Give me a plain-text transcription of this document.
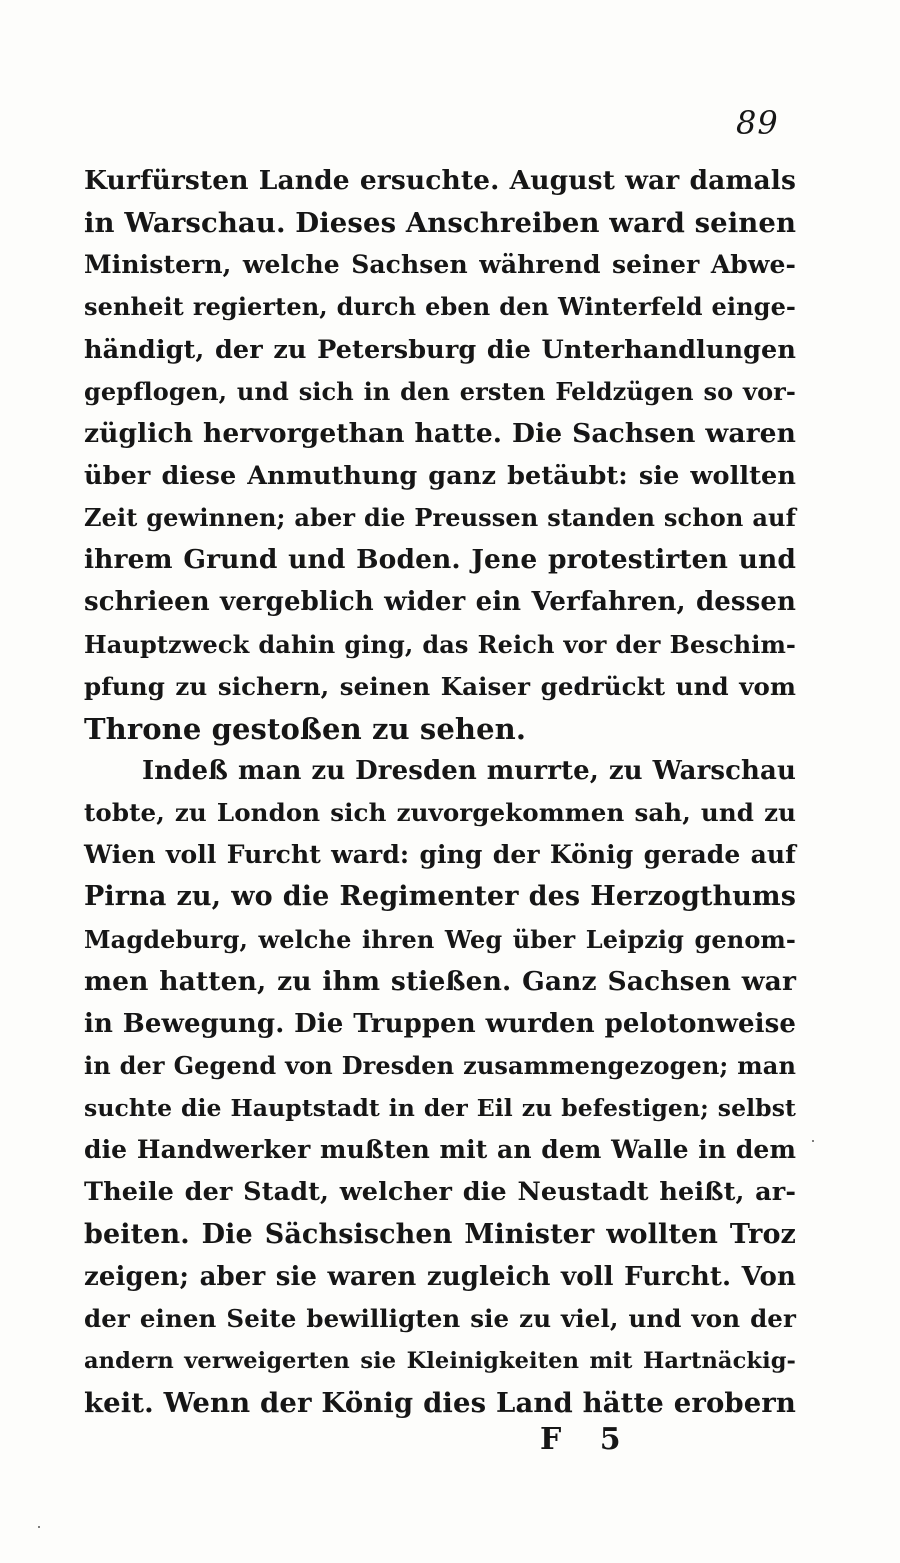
89
Kurfürsten Lande ersuchte. August war damals
in Warschau. Dieses Anschreiben ward seinen
Ministern, welche Sachsen während seiner Abwe-
senheit regierten, durch eben den Winterfeld einge-
händigt, der zu Petersburg die Unterhandlungen
gepflogen, und sich in den ersten Feldzügen so vor-
züglich hervorgethan hatte. Die Sachsen waren
über diese Anmuthung ganz betäubt: sie wollten
Zeit gewinnen; aber die Preussen standen schon auf
ihrem Grund und Boden. Jene protestirten und
schrieen vergeblich wider ein Verfahren, dessen
Hauptzweck dahin ging, das Reich vor der Beschim-
pfung zu sichern, seinen Kaiser gedrückt und vom
Throne gestoßen zu sehen.
Indeß man zu Dresden murrte, zu Warschau
tobte, zu London sich zuvorgekommen sah, und zu
Wien voll Furcht ward: ging der König gerade auf
Pirna zu, wo die Regimenter des Herzogthums
Magdeburg, welche ihren Weg über Leipzig genom-
men hatten, zu ihm stießen. Ganz Sachsen war
in Bewegung. Die Truppen wurden pelotonweise
in der Gegend von Dresden zusammengezogen; man
suchte die Hauptstadt in der Eil zu befestigen; selbst
die Handwerker mußten mit an dem Walle in dem
Theile der Stadt, welcher die Neustadt heißt, ar-
beiten. Die Sächsischen Minister wollten Troz
zeigen; aber sie waren zugleich voll Furcht. Von
der einen Seite bewilligten sie zu viel, und von der
andern verweigerten sie Kleinigkeiten mit Hartnäckig-
keit. Wenn der König dies Land hätte erobern
F 5
